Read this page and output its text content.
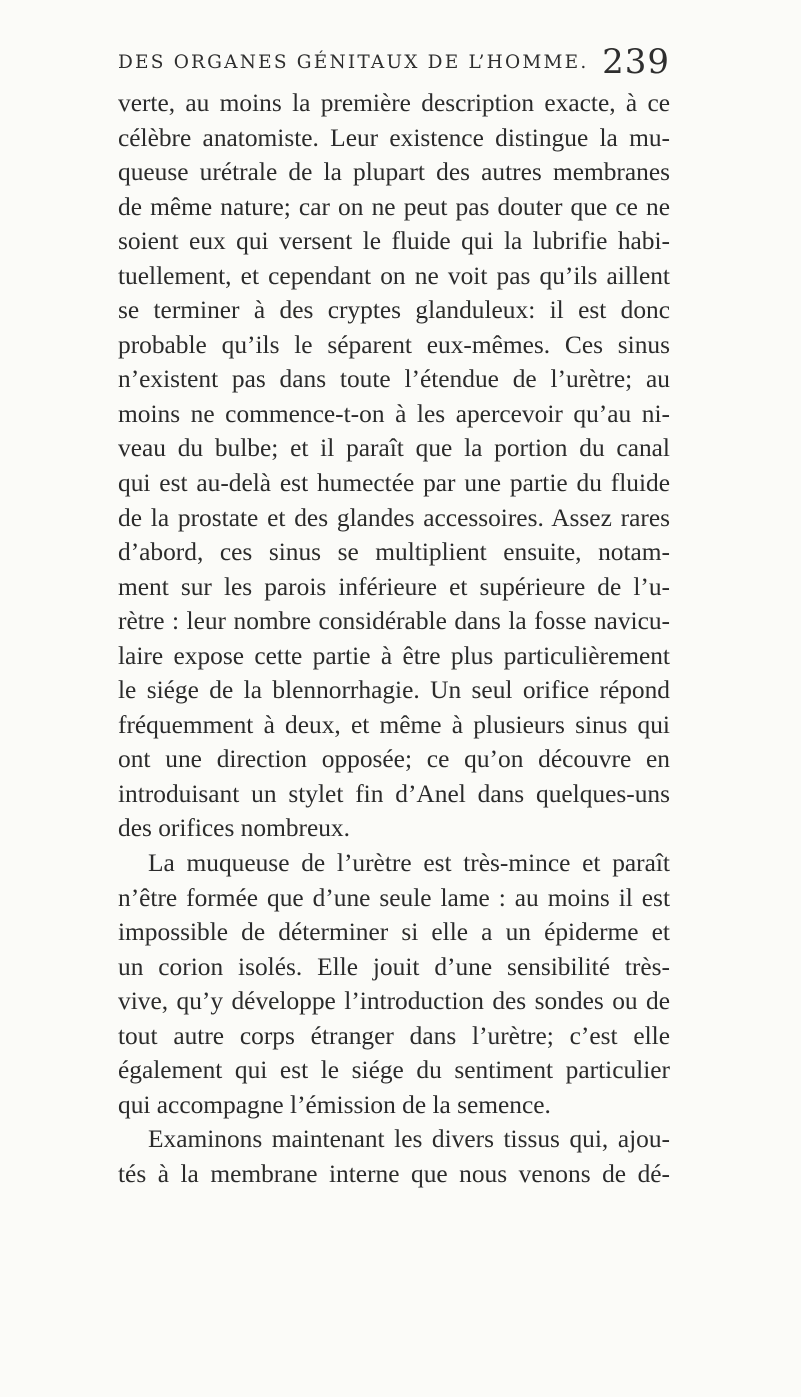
DES ORGANES GÉNITAUX DE L’HOMME. 239
verte, au moins la première description exacte, à ce
célèbre anatomiste. Leur existence distingue la mu-
queuse urétrale de la plupart des autres membranes
de même nature; car on ne peut pas douter que ce ne
soient eux qui versent le fluide qui la lubrifie habi-
tuellement, et cependant on ne voit pas qu’ils aillent
se terminer à des cryptes glanduleux: il est donc
probable qu’ils le séparent eux-mêmes. Ces sinus
n’existent pas dans toute l’étendue de l’urètre; au
moins ne commence-t-on à les apercevoir qu’au ni-
veau du bulbe; et il paraît que la portion du canal
qui est au-delà est humectée par une partie du fluide
de la prostate et des glandes accessoires. Assez rares
d’abord, ces sinus se multiplient ensuite, notam-
ment sur les parois inférieure et supérieure de l’u-
rètre : leur nombre considérable dans la fosse navicu-
laire expose cette partie à être plus particulièrement
le siége de la blennorrhagie. Un seul orifice répond
fréquemment à deux, et même à plusieurs sinus qui
ont une direction opposée; ce qu’on découvre en
introduisant un stylet fin d’Anel dans quelques-uns
des orifices nombreux.
La muqueuse de l’urètre est très-mince et paraît
n’être formée que d’une seule lame : au moins il est
impossible de déterminer si elle a un épiderme et
un corion isolés. Elle jouit d’une sensibilité très-
vive, qu’y développe l’introduction des sondes ou de
tout autre corps étranger dans l’urètre; c’est elle
également qui est le siége du sentiment particulier
qui accompagne l’émission de la semence.
Examinons maintenant les divers tissus qui, ajou-
tés à la membrane interne que nous venons de dé-
